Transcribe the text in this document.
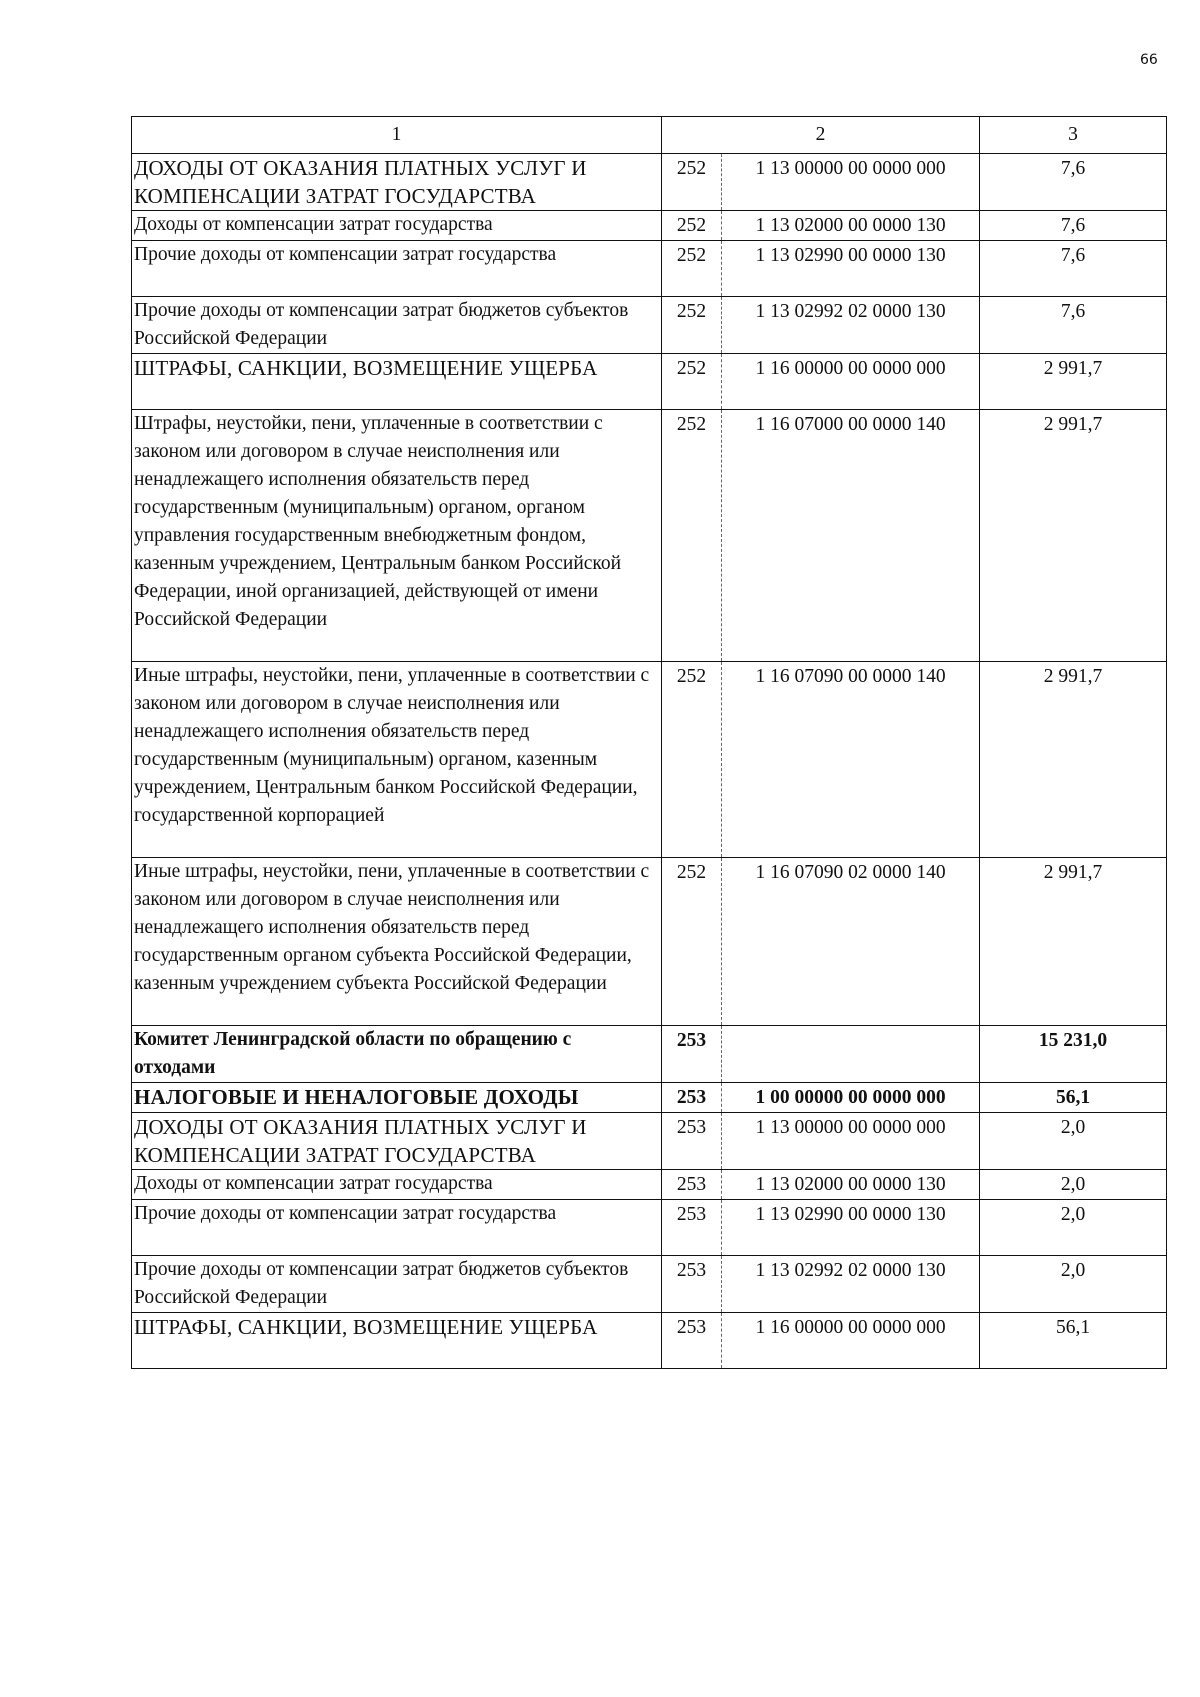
66
1	2		3
ДОХОДЫ ОТ ОКАЗАНИЯ ПЛАТНЫХ УСЛУГ И КОМПЕНСАЦИИ ЗАТРАТ ГОСУДАРСТВА	252	1 13 00000 00 0000 000	7,6
Доходы от компенсации затрат государства	252	1 13 02000 00 0000 130	7,6
Прочие доходы от компенсации затрат государства	252	1 13 02990 00 0000 130	7,6
Прочие доходы от компенсации затрат бюджетов субъектов Российской Федерации	252	1 13 02992 02 0000 130	7,6
ШТРАФЫ, САНКЦИИ, ВОЗМЕЩЕНИЕ УЩЕРБА	252	1 16 00000 00 0000 000	2 991,7
Штрафы, неустойки, пени, уплаченные в соответствии с законом или договором в случае неисполнения или ненадлежащего исполнения обязательств перед государственным (муниципальным) органом, органом управления государственным внебюджетным фондом, казенным учреждением, Центральным банком Российской Федерации, иной организацией, действующей от имени Российской Федерации	252	1 16 07000 00 0000 140	2 991,7
Иные штрафы, неустойки, пени, уплаченные в соответствии с законом или договором в случае неисполнения или ненадлежащего исполнения обязательств перед государственным (муниципальным) органом, казенным учреждением, Центральным банком Российской Федерации, государственной корпорацией	252	1 16 07090 00 0000 140	2 991,7
Иные штрафы, неустойки, пени, уплаченные в соответствии с законом или договором в случае неисполнения или ненадлежащего исполнения обязательств перед государственным органом субъекта Российской Федерации, казенным учреждением субъекта Российской Федерации	252	1 16 07090 02 0000 140	2 991,7
Комитет Ленинградской области по обращению с отходами	253		15 231,0
НАЛОГОВЫЕ И НЕНАЛОГОВЫЕ ДОХОДЫ	253	1 00 00000 00 0000 000	56,1
ДОХОДЫ ОТ ОКАЗАНИЯ ПЛАТНЫХ УСЛУГ И КОМПЕНСАЦИИ ЗАТРАТ ГОСУДАРСТВА	253	1 13 00000 00 0000 000	2,0
Доходы от компенсации затрат государства	253	1 13 02000 00 0000 130	2,0
Прочие доходы от компенсации затрат государства	253	1 13 02990 00 0000 130	2,0
Прочие доходы от компенсации затрат бюджетов субъектов Российской Федерации	253	1 13 02992 02 0000 130	2,0
ШТРАФЫ, САНКЦИИ, ВОЗМЕЩЕНИЕ УЩЕРБА	253	1 16 00000 00 0000 000	56,1
